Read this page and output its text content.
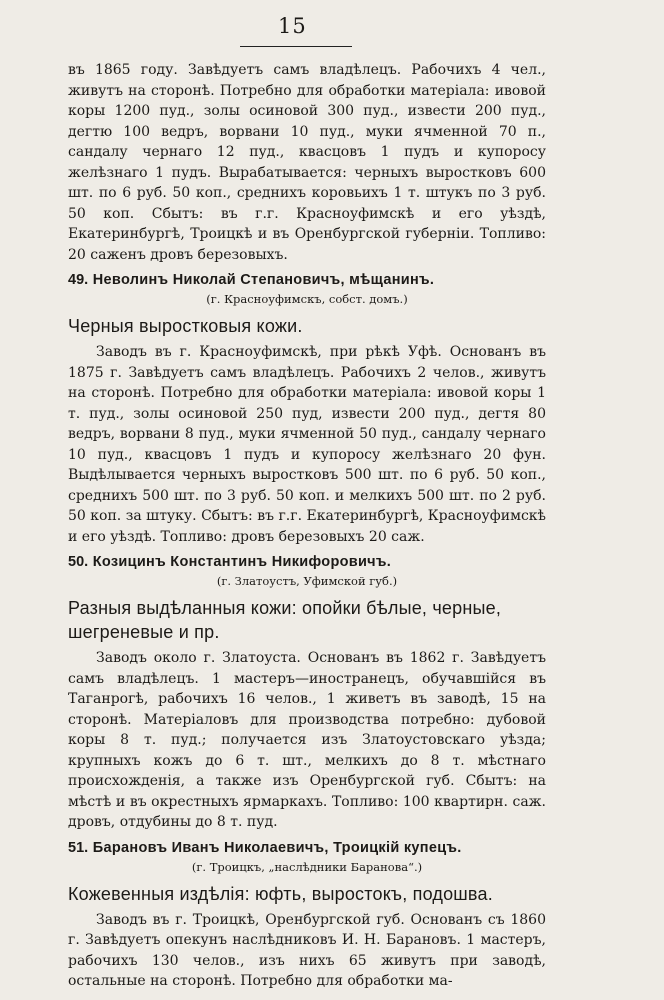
15

въ 1865 году. Завѣдуетъ самъ владѣлецъ. Рабочихъ 4 чел., живутъ на сторонѣ. Потребно для обработки матеріала: ивовой коры 1200 пуд., золы осиновой 300 пуд., извести 200 пуд., дегтю 100 ведръ, ворвани 10 пуд., муки ячменной 70 п., сандалу чернаго 12 пуд., квасцовъ 1 пудъ и купоросу желѣзнаго 1 пудъ. Вырабатывается: черныхъ выростковъ 600 шт. по 6 руб. 50 коп., среднихъ коровьихъ 1 т. штукъ по 3 руб. 50 коп. Сбытъ: въ г.г. Красноуфимскѣ и его уѣздѣ, Екатеринбургѣ, Троицкѣ и въ Оренбургской губерніи. Топливо: 20 саженъ дровъ березовыхъ.

49. Неволинъ Николай Степановичъ, мѣщанинъ.

(г. Красноуфимскъ, собст. домъ.)

Черныя выростковыя кожи.

Заводъ въ г. Красноуфимскѣ, при рѣкѣ Уфѣ. Основанъ въ 1875 г. Завѣдуетъ самъ владѣлецъ. Рабочихъ 2 челов., живутъ на сторонѣ. Потребно для обработки матеріала: ивовой коры 1 т. пуд., золы осиновой 250 пуд, извести 200 пуд., дегтя 80 ведръ, ворвани 8 пуд., муки ячменной 50 пуд., сандалу чернаго 10 пуд., квасцовъ 1 пудъ и купоросу желѣзнаго 20 фун. Выдѣлывается черныхъ выростковъ 500 шт. по 6 руб. 50 коп., среднихъ 500 шт. по 3 руб. 50 коп. и мелкихъ 500 шт. по 2 руб. 50 коп. за штуку. Сбытъ: въ г.г. Екатеринбургѣ, Красноуфимскѣ и его уѣздѣ. Топливо: дровъ березовыхъ 20 саж.

50. Козицинъ Константинъ Никифоровичъ.

(г. Златоустъ, Уфимской губ.)

Разныя выдѣланныя кожи: опойки бѣлые, черные, шегреневые и пр.

Заводъ около г. Златоуста. Основанъ въ 1862 г. Завѣдуетъ самъ владѣлецъ. 1 мастеръ—иностранецъ, обучавшійся въ Таганрогѣ, рабочихъ 16 челов., 1 живетъ въ заводѣ, 15 на сторонѣ. Матеріаловъ для производства потребно: дубовой коры 8 т. пуд.; получается изъ Златоустовскаго уѣзда; крупныхъ кожъ до 6 т. шт., мелкихъ до 8 т. мѣстнаго происхожденія, а также изъ Оренбургской губ. Сбытъ: на мѣстѣ и въ окрестныхъ ярмаркахъ. Топливо: 100 квартирн. саж. дровъ, отдубины до 8 т. пуд.

51. Барановъ Иванъ Николаевичъ, Троицкій купецъ.

(г. Троицкъ, „наслѣдники Баранова“.)

Кожевенныя издѣлія: юфть, выростокъ, подошва.

Заводъ въ г. Троицкѣ, Оренбургской губ. Основанъ съ 1860 г. Завѣдуетъ опекунъ наслѣдниковъ И. Н. Барановъ. 1 мастеръ, рабочихъ 130 челов., изъ нихъ 65 живутъ при заводѣ, остальные на сторонѣ. Потребно для обработки ма-
